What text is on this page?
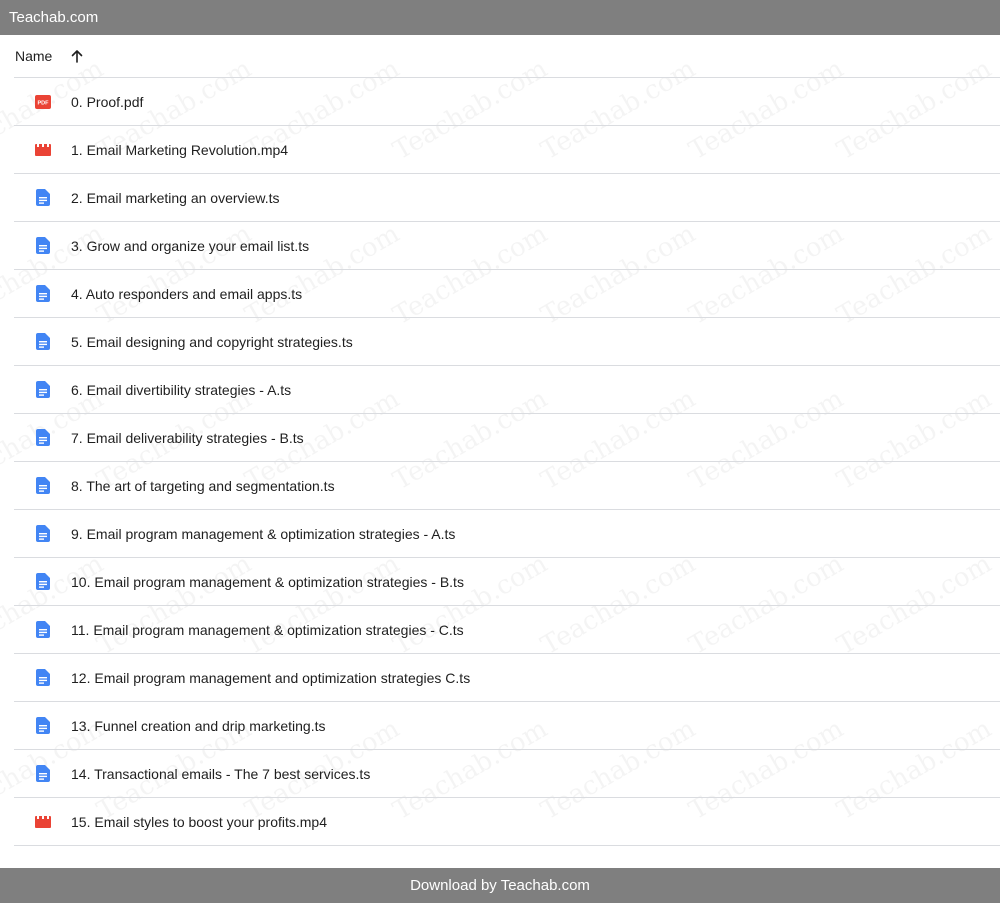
Teachab.com
Name
PDF 0. Proof.pdf
1. Email Marketing Revolution.mp4
2. Email marketing an overview.ts
3. Grow and organize your email list.ts
4. Auto responders and email apps.ts
5. Email designing and copyright strategies.ts
6. Email divertibility strategies - A.ts
7. Email deliverability strategies - B.ts
8. The art of targeting and segmentation.ts
9. Email program management & optimization strategies - A.ts
10. Email program management & optimization strategies - B.ts
11. Email program management & optimization strategies - C.ts
12. Email program management and optimization strategies C.ts
13. Funnel creation and drip marketing.ts
14. Transactional emails - The 7 best services.ts
15. Email styles to boost your profits.mp4
Download by Teachab.com
